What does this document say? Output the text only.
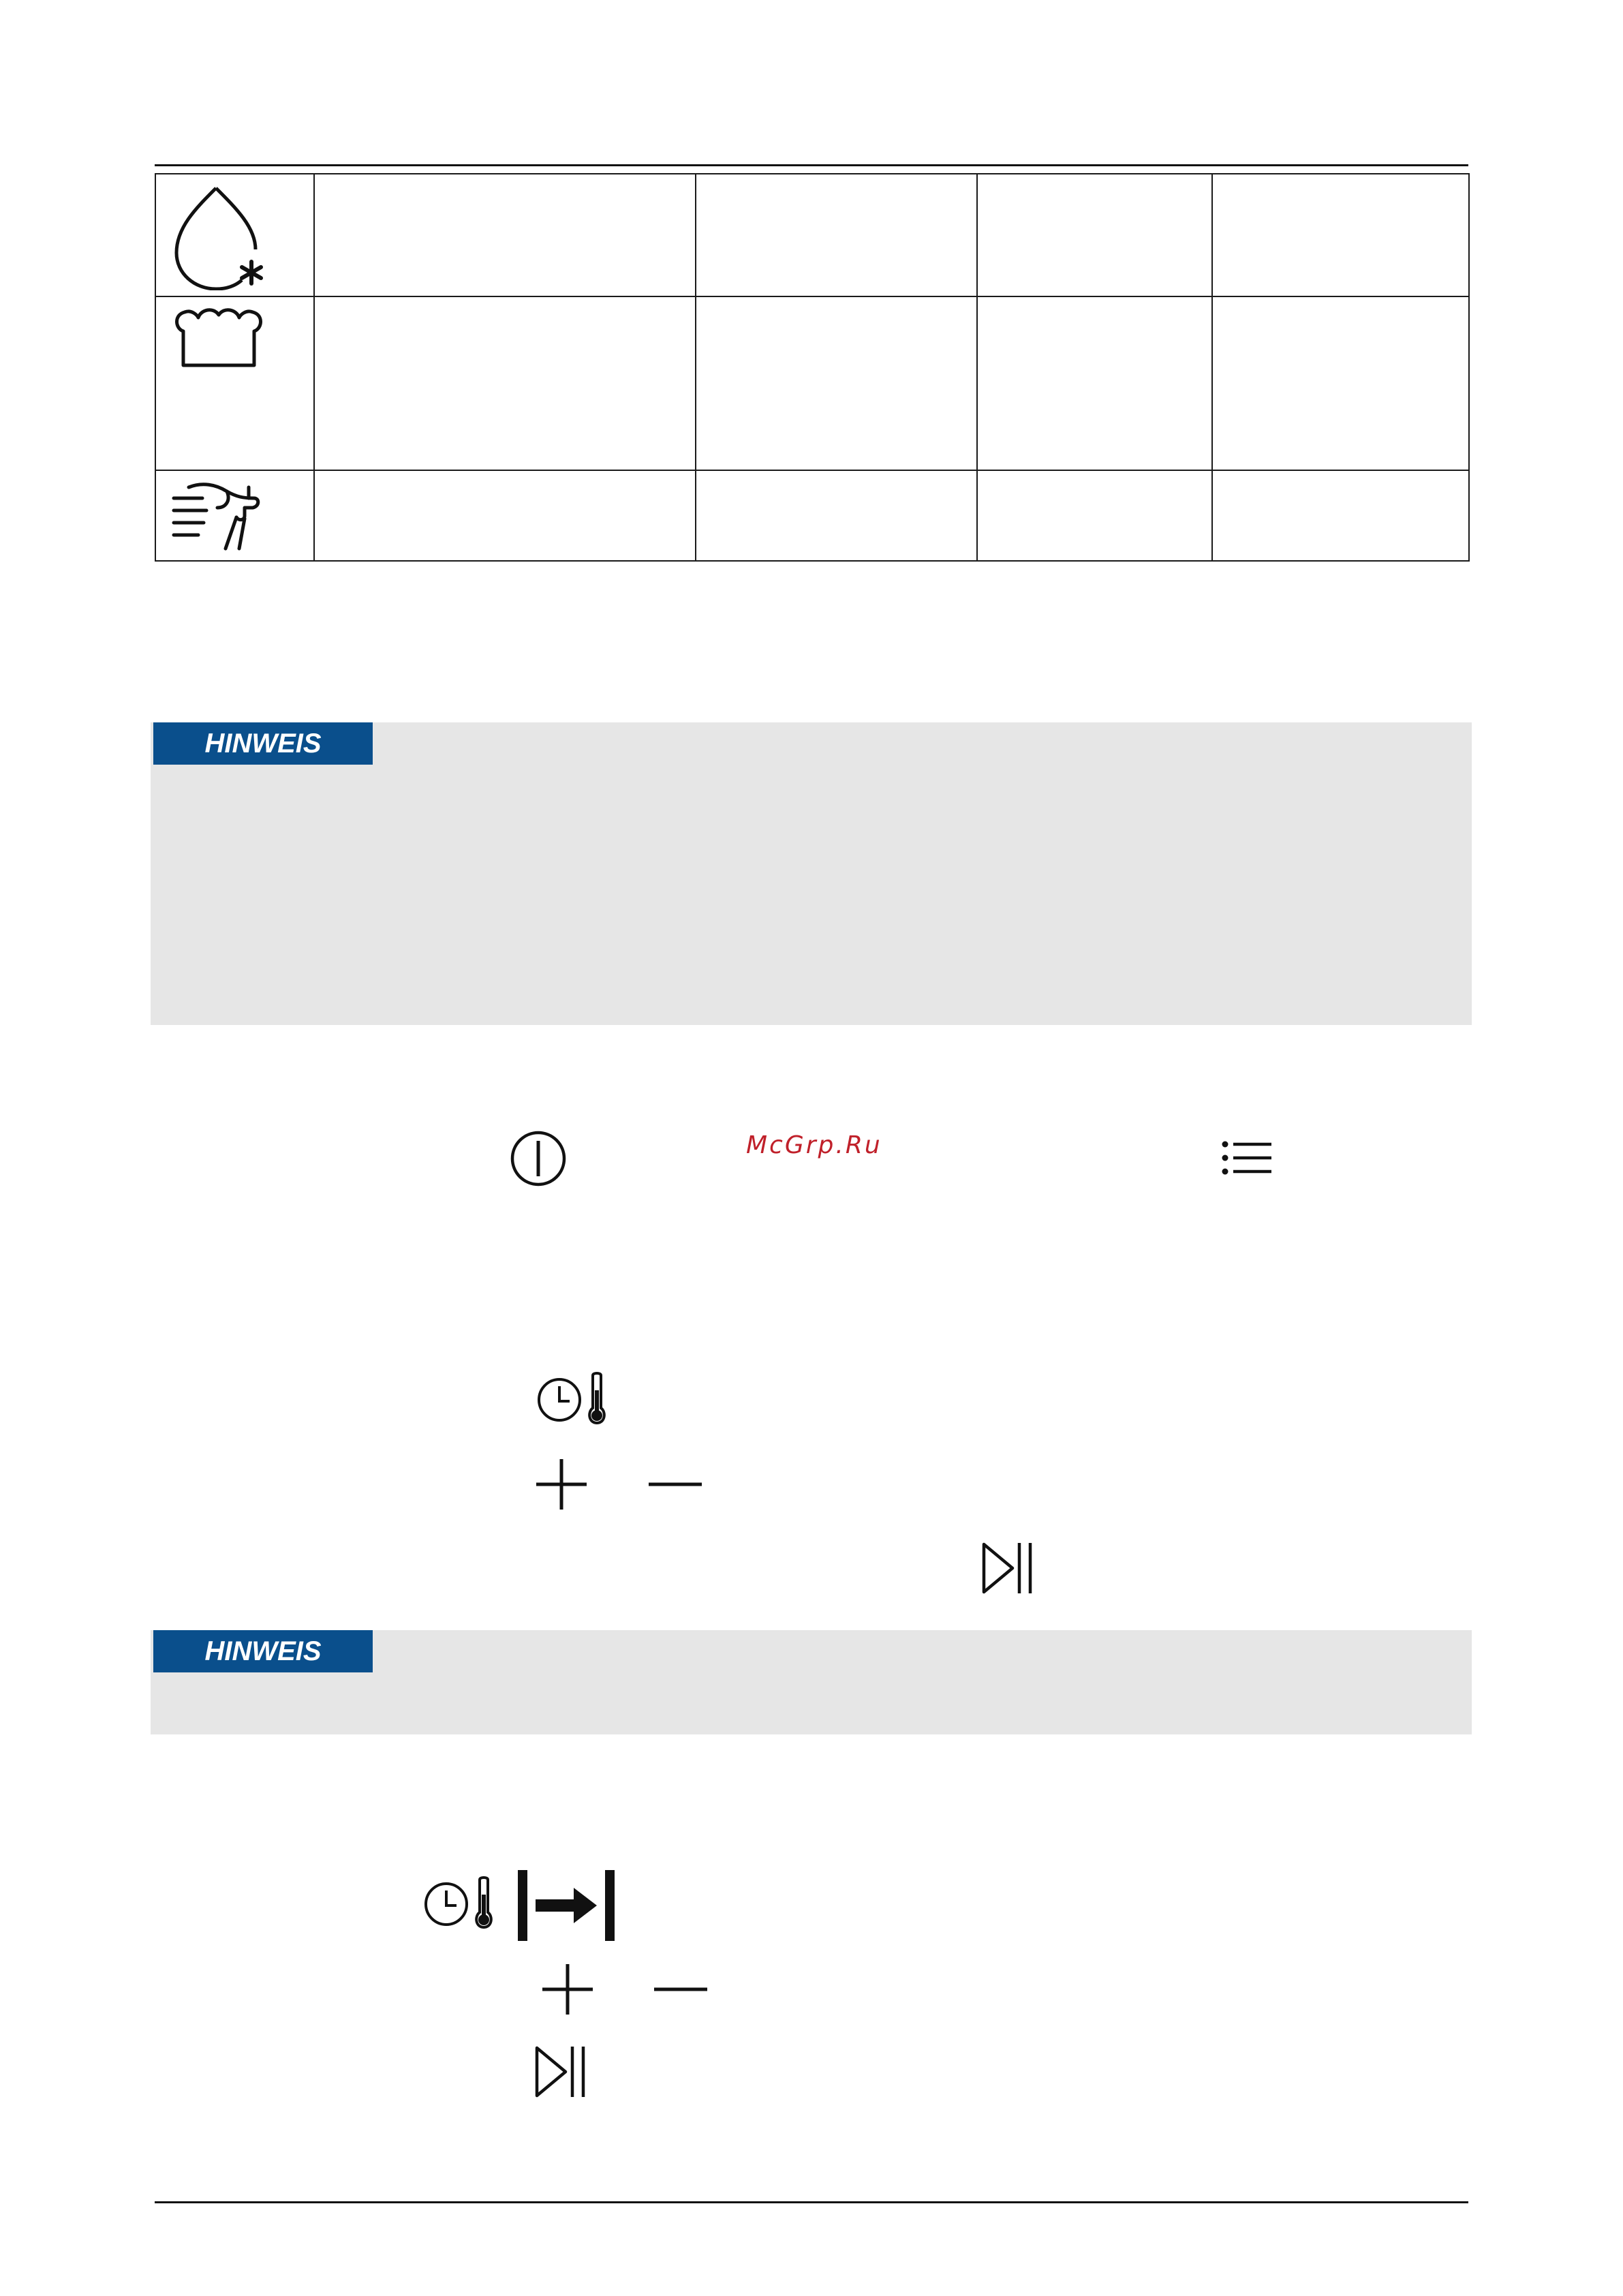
HINWEIS
McGrp.Ru
HINWEIS
